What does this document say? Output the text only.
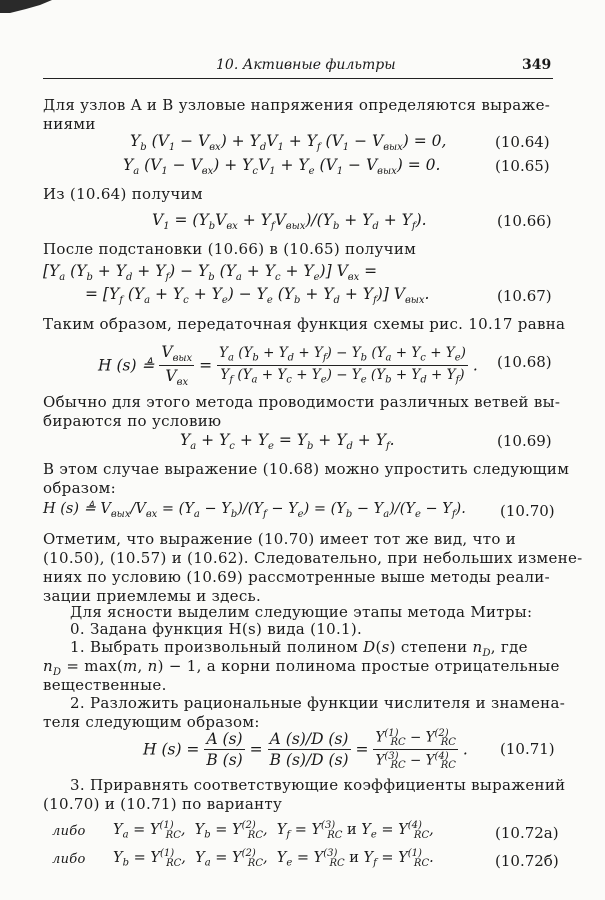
10. Активные фильтры	349
Для узлов A и B узловые напряжения определяются выраже-
ниями
$Y_b$ $(V_1 - V_{вх}) + Y_dV_1 + Y_f$ $(V_1 - V_{вых}) = 0$,	(10.64)
$Y_a$ $(V_1 - V_{вх}) + Y_cV_1 + Y_e$ $(V_1 - V_{вых}) = 0$.	(10.65)
Из (10.64) получим
$V_1 = (Y_bV_{вх} + Y_fV_{вых})/(Y_b + Y_d + Y_f)$.	(10.66)
После подстановки (10.66) в (10.65) получим
[$Y_a$ $(Y_b + Y_d + Y_f) - Y_b$ $(Y_a + Y_c + Y_e)$] $V_{вх}$ =
= [$Y_f$ $(Y_a + Y_c + Y_e) - Y_e$ $(Y_b + Y_d + Y_f)$] $V_{вых}$.	(10.67)
Таким образом, передаточная функция схемы рис. 10.17 равна
H (s) ≜
$V_{вых}$
$V_{вх}$
= $\frac{Y_a (Y_b + Y_d + Y_f) - Y_b (Y_a + Y_c + Y_e)}{Y_f (Y_a + Y_c + Y_e) - Y_e (Y_b + Y_d + Y_f)}$ . (10.68)
Обычно для этого метода проводимости различных ветвей вы-
бираются по условию
$Y_a + Y_c + Y_e = Y_b + Y_d + Y_f$.	(10.69)
В этом случае выражение (10.68) можно упростить следующим
образом:
H (s) ≜ $V_{вых}/V_{вх} = (Y_a - Y_b)/(Y_f - Y_e) = (Y_b - Y_a)/(Y_e - Y_f)$. (10.70)
Отметим, что выражение (10.70) имеет тот же вид, что и
(10.50), (10.57) и (10.62). Следовательно, при небольших измене-
ниях по условию (10.69) рассмотренные выше методы реали-
зации приемлемы и здесь.
Для ясности выделим следующие этапы метода Митры:
0. Задана функция H(s) вида (10.1).
1. Выбрать произвольный полином D(s) степени $n_D$, где
$n_D = \max(m$, n) − 1, а корни полинома простые отрицательные
вещественные.
2. Разложить рациональные функции числителя и знамена-
теля следующим образом:
H $(s) = \frac{A (s)}{B (s)} = \frac{A (s)/D (s)}{B (s)/D (s)} = \frac{Y^{(1)}_{RC} - Y^{(2)}_{RC}}{Y^{(3)}_{RC} - Y^{(4)}_{RC}}$ . (10.71)
3. Приравнять соответствующие коэффициенты выражений
(10.70) и (10.71) по варианту
либо $Y_a = Y^{(1)}_{RC}$,  $Y_b = Y^{(2)}_{RC}$,  $Y_f = Y^{(3)}_{RC}$ и $Y_e = Y^{(4)}_{RC}$,	(10.72a)
либо $Y_b = Y^{(1)}_{RC}$,  $Y_a = Y^{(2)}_{RC}$,  $Y_e = Y^{(3)}_{RC}$ и $Y_f = Y^{(1)}_{RC}$.	(10.72б)
